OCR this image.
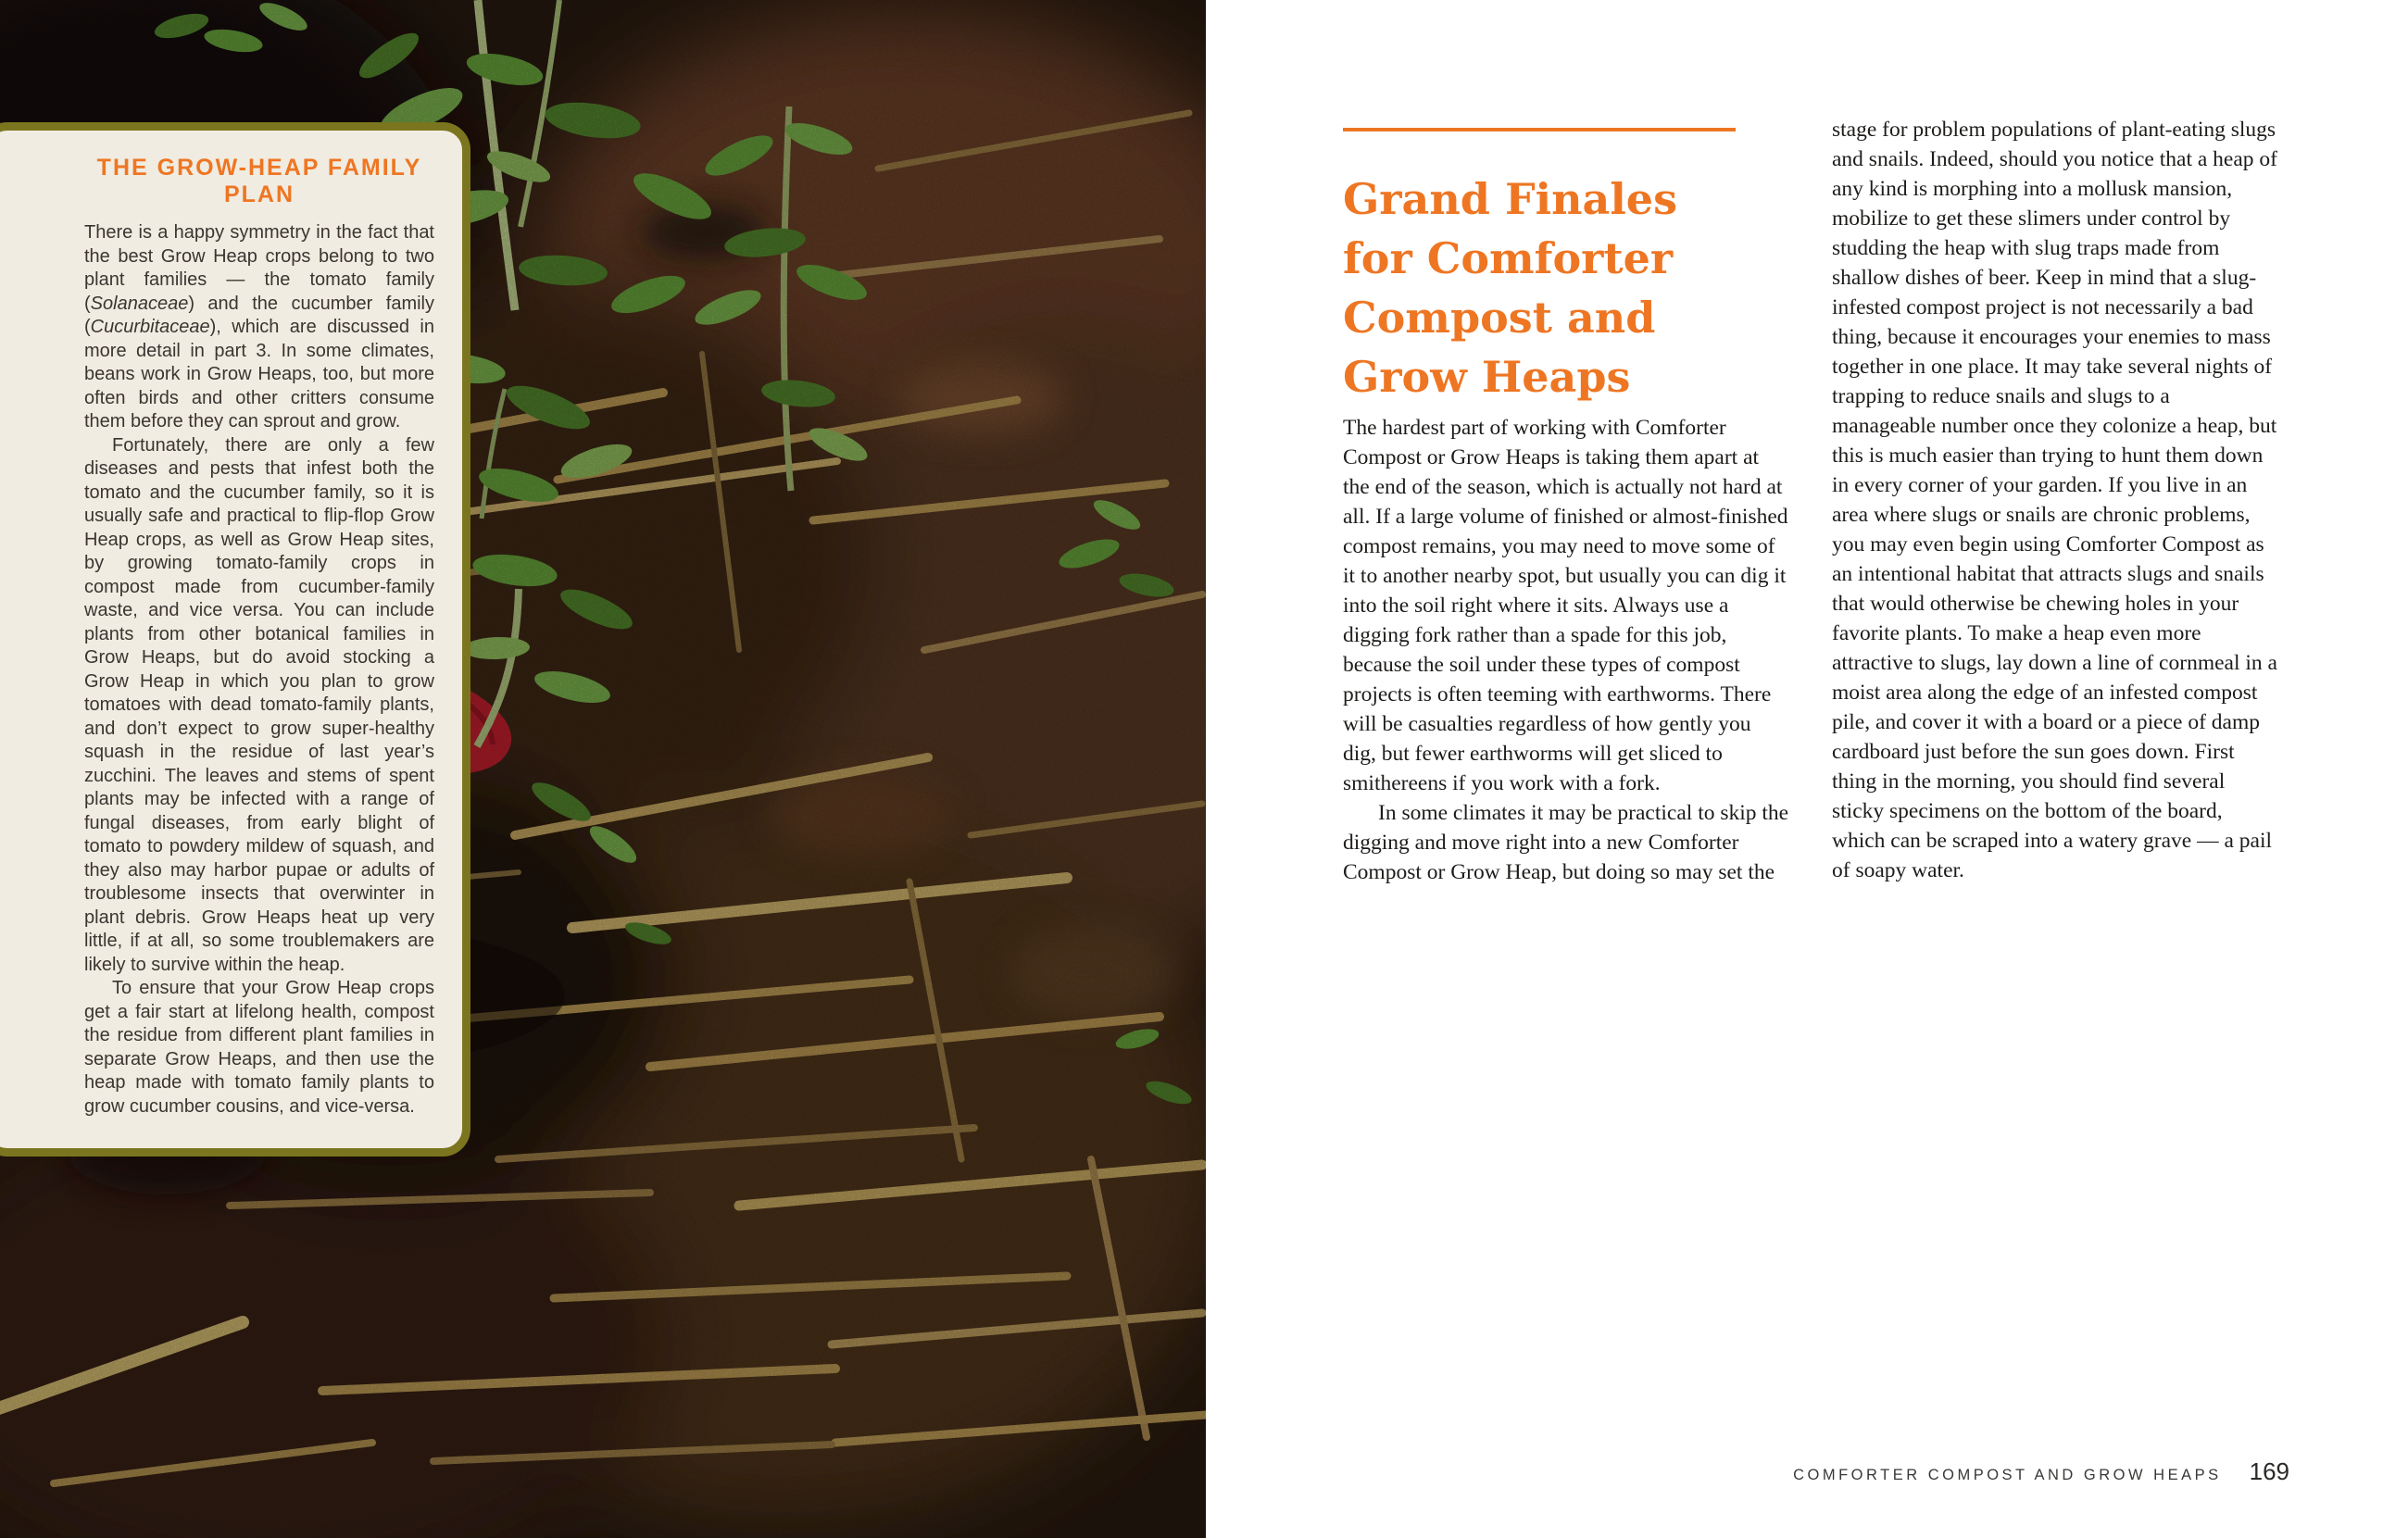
THE GROW-HEAP FAMILY PLAN

There is a happy symmetry in the fact that the best Grow Heap crops belong to two plant families — the tomato family (Solanaceae) and the cucumber family (Cucurbitaceae), which are discussed in more detail in part 3. In some climates, beans work in Grow Heaps, too, but more often birds and other critters consume them before they can sprout and grow.

Fortunately, there are only a few diseases and pests that infest both the tomato and the cucumber family, so it is usually safe and practical to flip-flop Grow Heap crops, as well as Grow Heap sites, by growing tomato-family crops in compost made from cucumber-family waste, and vice versa. You can include plants from other botanical families in Grow Heaps, but do avoid stocking a Grow Heap in which you plan to grow tomatoes with dead tomato-family plants, and don’t expect to grow super-healthy squash in the residue of last year’s zucchini. The leaves and stems of spent plants may be infected with a range of fungal diseases, from early blight of tomato to powdery mildew of squash, and they also may harbor pupae or adults of troublesome insects that overwinter in plant debris. Grow Heaps heat up very little, if at all, so some troublemakers are likely to survive within the heap.

To ensure that your Grow Heap crops get a fair start at lifelong health, compost the residue from different plant families in separate Grow Heaps, and then use the heap made with tomato family plants to grow cucumber cousins, and vice-versa.

Grand Finales
for Comforter
Compost and
Grow Heaps

The hardest part of working with Comforter Compost or Grow Heaps is taking them apart at the end of the season, which is actually not hard at all. If a large volume of finished or almost-finished compost remains, you may need to move some of it to another nearby spot, but usually you can dig it into the soil right where it sits. Always use a digging fork rather than a spade for this job, because the soil under these types of compost projects is often teeming with earthworms. There will be casualties regardless of how gently you dig, but fewer earthworms will get sliced to smithereens if you work with a fork.

In some climates it may be practical to skip the digging and move right into a new Comforter Compost or Grow Heap, but doing so may set the

stage for problem populations of plant-eating slugs and snails. Indeed, should you notice that a heap of any kind is morphing into a mollusk mansion, mobilize to get these slimers under control by studding the heap with slug traps made from shallow dishes of beer. Keep in mind that a slug-infested compost project is not necessarily a bad thing, because it encourages your enemies to mass together in one place. It may take several nights of trapping to reduce snails and slugs to a manageable number once they colonize a heap, but this is much easier than trying to hunt them down in every corner of your garden. If you live in an area where slugs or snails are chronic problems, you may even begin using Comforter Compost as an intentional habitat that attracts slugs and snails that would otherwise be chewing holes in your favorite plants. To make a heap even more attractive to slugs, lay down a line of cornmeal in a moist area along the edge of an infested compost pile, and cover it with a board or a piece of damp cardboard just before the sun goes down. First thing in the morning, you should find several sticky specimens on the bottom of the board, which can be scraped into a watery grave — a pail of soapy water.

COMFORTER COMPOST AND GROW HEAPS 169
